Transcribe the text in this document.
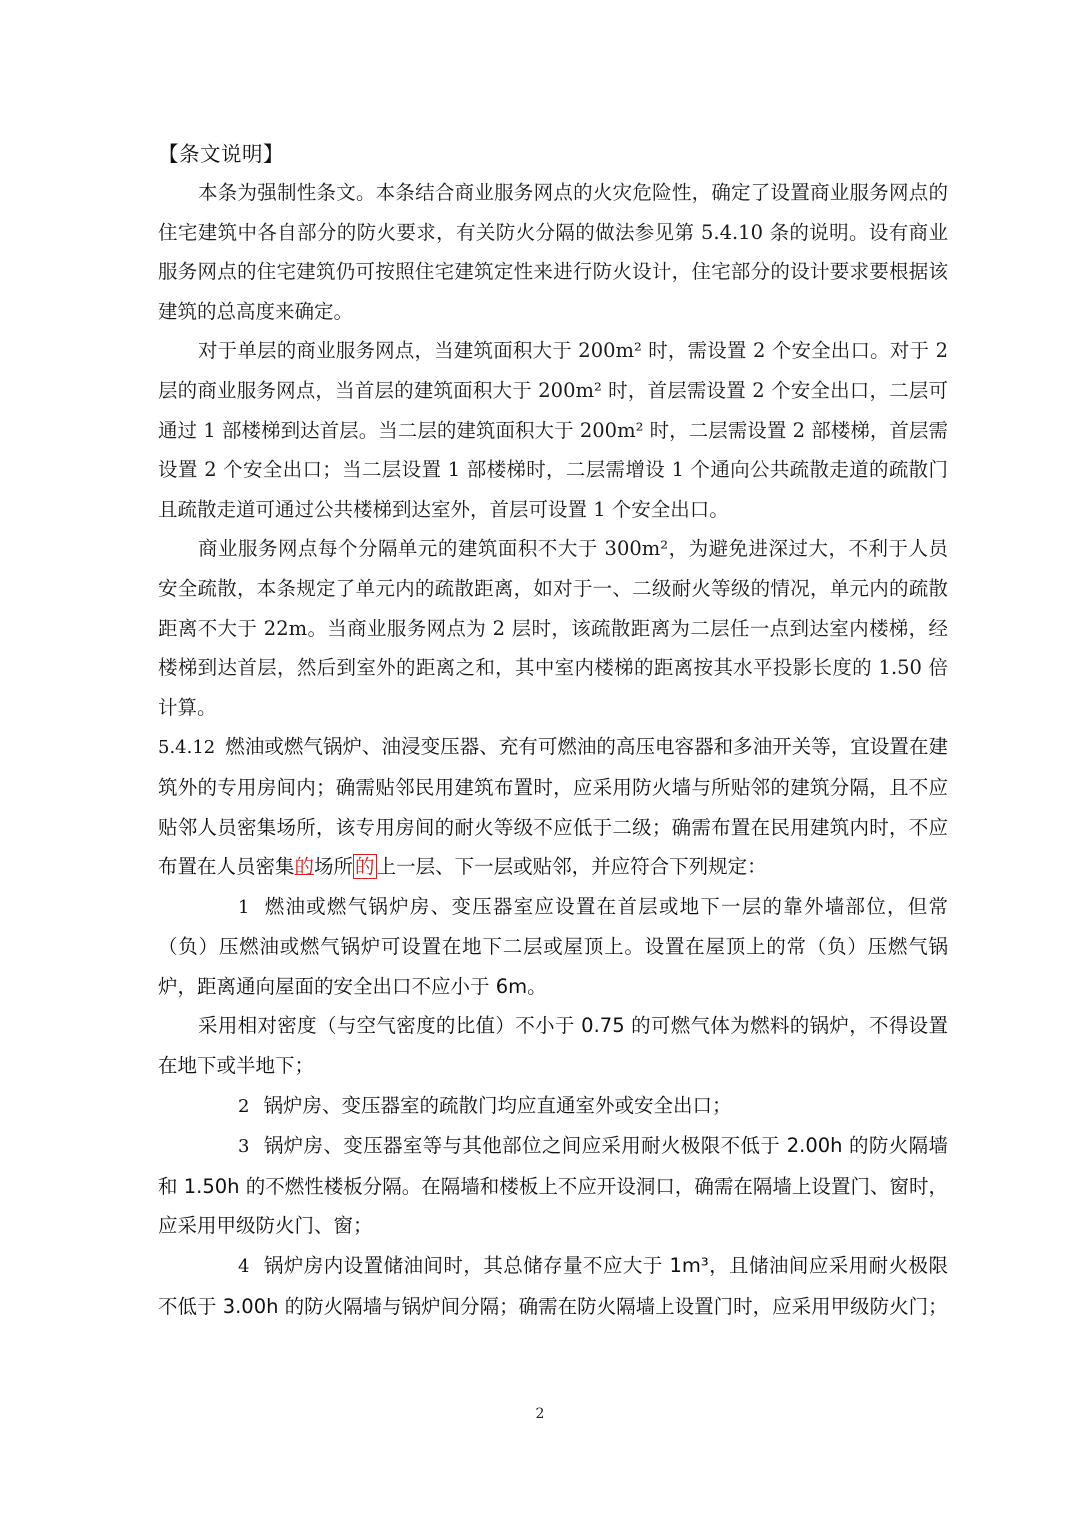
【条文说明】

本条为强制性条文。本条结合商业服务网点的火灾危险性，确定了设置商业服务网点的住宅建筑中各自部分的防火要求，有关防火分隔的做法参见第 5.4.10 条的说明。设有商业服务网点的住宅建筑仍可按照住宅建筑定性来进行防火设计，住宅部分的设计要求要根据该建筑的总高度来确定。

对于单层的商业服务网点，当建筑面积大于 200m² 时，需设置 2 个安全出口。对于 2 层的商业服务网点，当首层的建筑面积大于 200m² 时，首层需设置 2 个安全出口，二层可通过 1 部楼梯到达首层。当二层的建筑面积大于 200m² 时，二层需设置 2 部楼梯，首层需设置 2 个安全出口；当二层设置 1 部楼梯时，二层需增设 1 个通向公共疏散走道的疏散门且疏散走道可通过公共楼梯到达室外，首层可设置 1 个安全出口。

商业服务网点每个分隔单元的建筑面积不大于 300m²，为避免进深过大，不利于人员安全疏散，本条规定了单元内的疏散距离，如对于一、二级耐火等级的情况，单元内的疏散距离不大于 22m。当商业服务网点为 2 层时，该疏散距离为二层任一点到达室内楼梯，经楼梯到达首层，然后到室外的距离之和，其中室内楼梯的距离按其水平投影长度的 1.50 倍计算。

5.4.12 燃油或燃气锅炉、油浸变压器、充有可燃油的高压电容器和多油开关等，宜设置在建筑外的专用房间内；确需贴邻民用建筑布置时，应采用防火墙与所贴邻的建筑分隔，且不应贴邻人员密集场所，该专用房间的耐火等级不应低于二级；确需布置在民用建筑内时，不应布置在人员密集的场所 的 上一层、下一层或贴邻，并应符合下列规定：

1 燃油或燃气锅炉房、变压器室应设置在首层或地下一层的靠外墙部位，但常（负）压燃油或燃气锅炉可设置在地下二层或屋顶上。设置在屋顶上的常（负）压燃气锅炉，距离通向屋面的安全出口不应小于 6m。

采用相对密度（与空气密度的比值）不小于 0.75 的可燃气体为燃料的锅炉，不得设置在地下或半地下；

2 锅炉房、变压器室的疏散门均应直通室外或安全出口；

3 锅炉房、变压器室等与其他部位之间应采用耐火极限不低于 2.00h 的防火隔墙和 1.50h 的不燃性楼板分隔。在隔墙和楼板上不应开设洞口，确需在隔墙上设置门、窗时，应采用甲级防火门、窗；

4 锅炉房内设置储油间时，其总储存量不应大于 1m³，且储油间应采用耐火极限不低于 3.00h 的防火隔墙与锅炉间分隔；确需在防火隔墙上设置门时，应采用甲级防火门；

2
